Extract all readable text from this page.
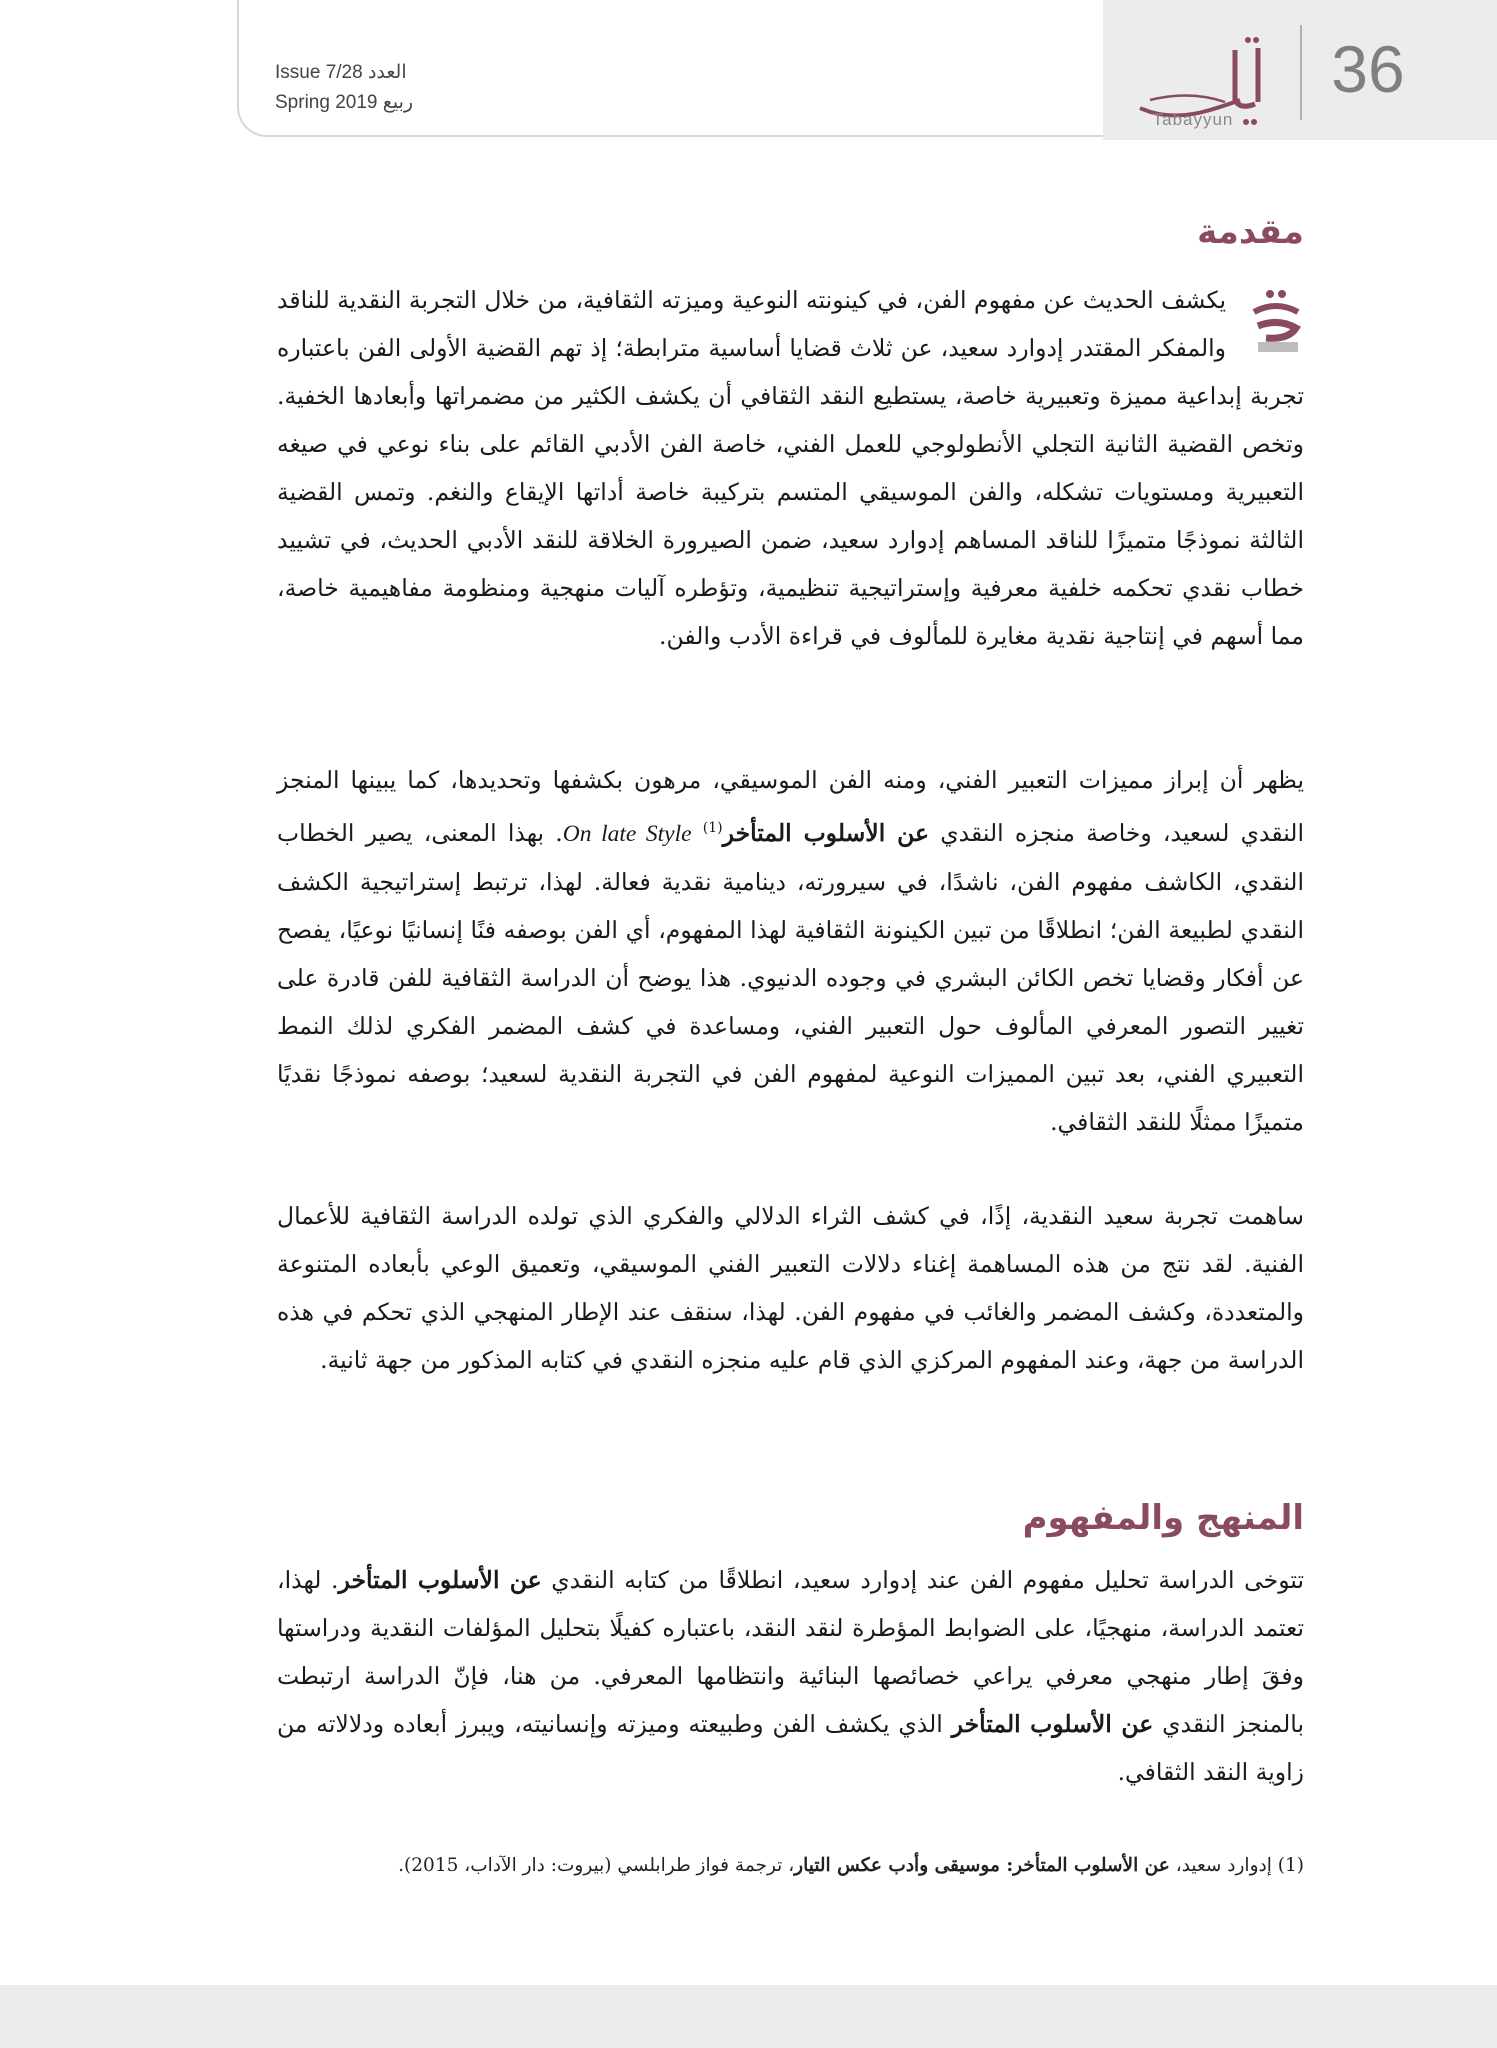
Issue 7/28 العدد
Spring 2019 ربيع
Tabayyun
36
مقدمة

يكشف الحديث عن مفهوم الفن، في كينونته النوعية وميزته الثقافية، من خلال التجربة النقدية للناقد والمفكر المقتدر إدوارد سعيد، عن ثلاث قضايا أساسية مترابطة؛ إذ تهم القضية الأولى الفن باعتباره تجربة إبداعية مميزة وتعبيرية خاصة، يستطيع النقد الثقافي أن يكشف الكثير من مضمراتها وأبعادها الخفية. وتخص القضية الثانية التجلي الأنطولوجي للعمل الفني، خاصة الفن الأدبي القائم على بناء نوعي في صيغه التعبيرية ومستويات تشكله، والفن الموسيقي المتسم بتركيبة خاصة أداتها الإيقاع والنغم. وتمس القضية الثالثة نموذجًا متميزًا للناقد المساهم إدوارد سعيد، ضمن الصيرورة الخلاقة للنقد الأدبي الحديث، في تشييد خطاب نقدي تحكمه خلفية معرفية وإستراتيجية تنظيمية، وتؤطره آليات منهجية ومنظومة مفاهيمية خاصة، مما أسهم في إنتاجية نقدية مغايرة للمألوف في قراءة الأدب والفن.

يظهر أن إبراز مميزات التعبير الفني، ومنه الفن الموسيقي، مرهون بكشفها وتحديدها، كما يبينها المنجز النقدي لسعيد، وخاصة منجزه النقدي عن الأسلوب المتأخر$^{(1)}$ On late Style. بهذا المعنى، يصير الخطاب النقدي، الكاشف مفهوم الفن، ناشدًا، في سيرورته، دينامية نقدية فعالة. لهذا، ترتبط إستراتيجية الكشف النقدي لطبيعة الفن؛ انطلاقًا من تبين الكينونة الثقافية لهذا المفهوم، أي الفن بوصفه فنًا إنسانيًا نوعيًا، يفصح عن أفكار وقضايا تخص الكائن البشري في وجوده الدنيوي. هذا يوضح أن الدراسة الثقافية للفن قادرة على تغيير التصور المعرفي المألوف حول التعبير الفني، ومساعدة في كشف المضمر الفكري لذلك النمط التعبيري الفني، بعد تبين المميزات النوعية لمفهوم الفن في التجربة النقدية لسعيد؛ بوصفه نموذجًا نقديًا متميزًا ممثلًا للنقد الثقافي.

ساهمت تجربة سعيد النقدية، إذًا، في كشف الثراء الدلالي والفكري الذي تولده الدراسة الثقافية للأعمال الفنية. لقد نتج من هذه المساهمة إغناء دلالات التعبير الفني الموسيقي، وتعميق الوعي بأبعاده المتنوعة والمتعددة، وكشف المضمر والغائب في مفهوم الفن. لهذا، سنقف عند الإطار المنهجي الذي تحكم في هذه الدراسة من جهة، وعند المفهوم المركزي الذي قام عليه منجزه النقدي في كتابه المذكور من جهة ثانية.

المنهج والمفهوم

تتوخى الدراسة تحليل مفهوم الفن عند إدوارد سعيد، انطلاقًا من كتابه النقدي عن الأسلوب المتأخر. لهذا، تعتمد الدراسة، منهجيًا، على الضوابط المؤطرة لنقد النقد، باعتباره كفيلًا بتحليل المؤلفات النقدية ودراستها وفقَ إطار منهجي معرفي يراعي خصائصها البنائية وانتظامها المعرفي. من هنا، فإنّ الدراسة ارتبطت بالمنجز النقدي عن الأسلوب المتأخر الذي يكشف الفن وطبيعته وميزته وإنسانيته، ويبرز أبعاده ودلالاته من زاوية النقد الثقافي.

(1) إدوارد سعيد، عن الأسلوب المتأخر: موسيقى وأدب عكس التيار، ترجمة فواز طرابلسي (بيروت: دار الآداب، 2015).
